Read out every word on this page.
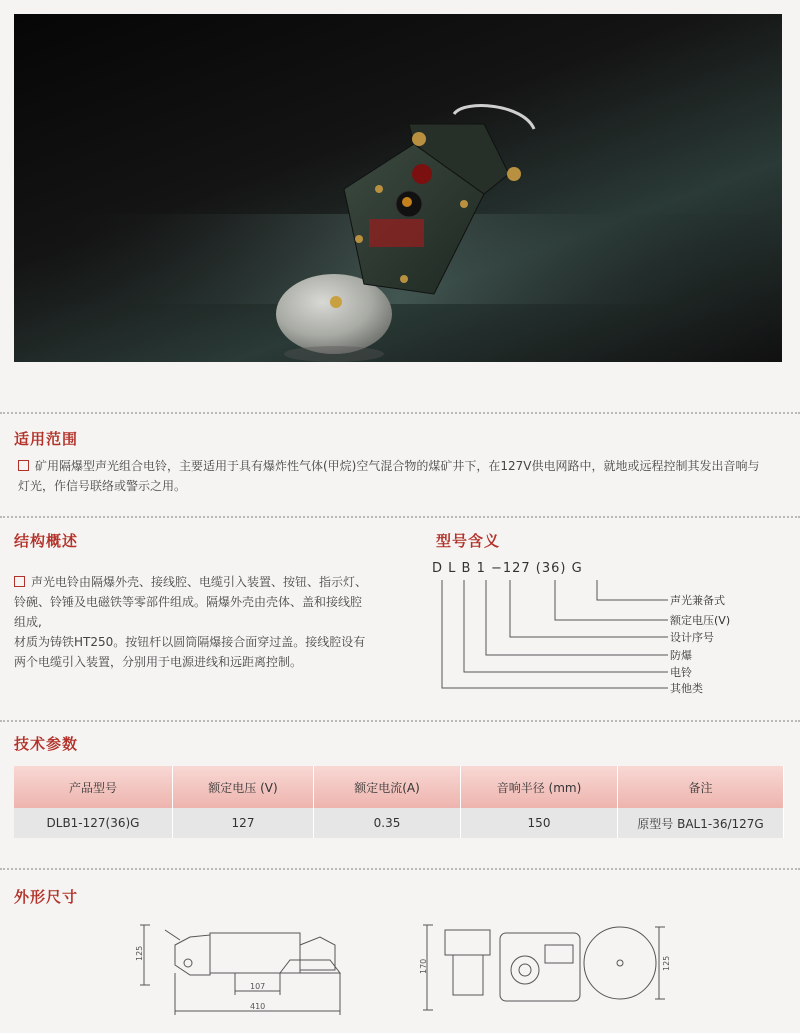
适用范围
矿用隔爆型声光组合电铃，主要适用于具有爆炸性气体(甲烷)空气混合物的煤矿井下，在127V供电网路中，就地或远程控制其发出音响与
灯光，作信号联络或警示之用。
结构概述
声光电铃由隔爆外壳、接线腔、电缆引入装置、按钮、指示灯、
铃碗、铃锤及电磁铁等零部件组成。隔爆外壳由壳体、盖和接线腔
组成,
材质为铸铁HT250。按钮杆以圆筒隔爆接合面穿过盖。接线腔设有
两个电缆引入装置，分别用于电源进线和远距离控制。
型号含义
D L B 1 −127 (36) G
声光兼备式
额定电压(V)
设计序号
防爆
电铃
其他类
技术参数
产品型号	额定电压 (V)	额定电流(A)	音响半径 (mm)	备注
DLB1-127(36)G	127	0.35	150	原型号 BAL1-36/127G
外形尺寸
125
107
410
170	125
